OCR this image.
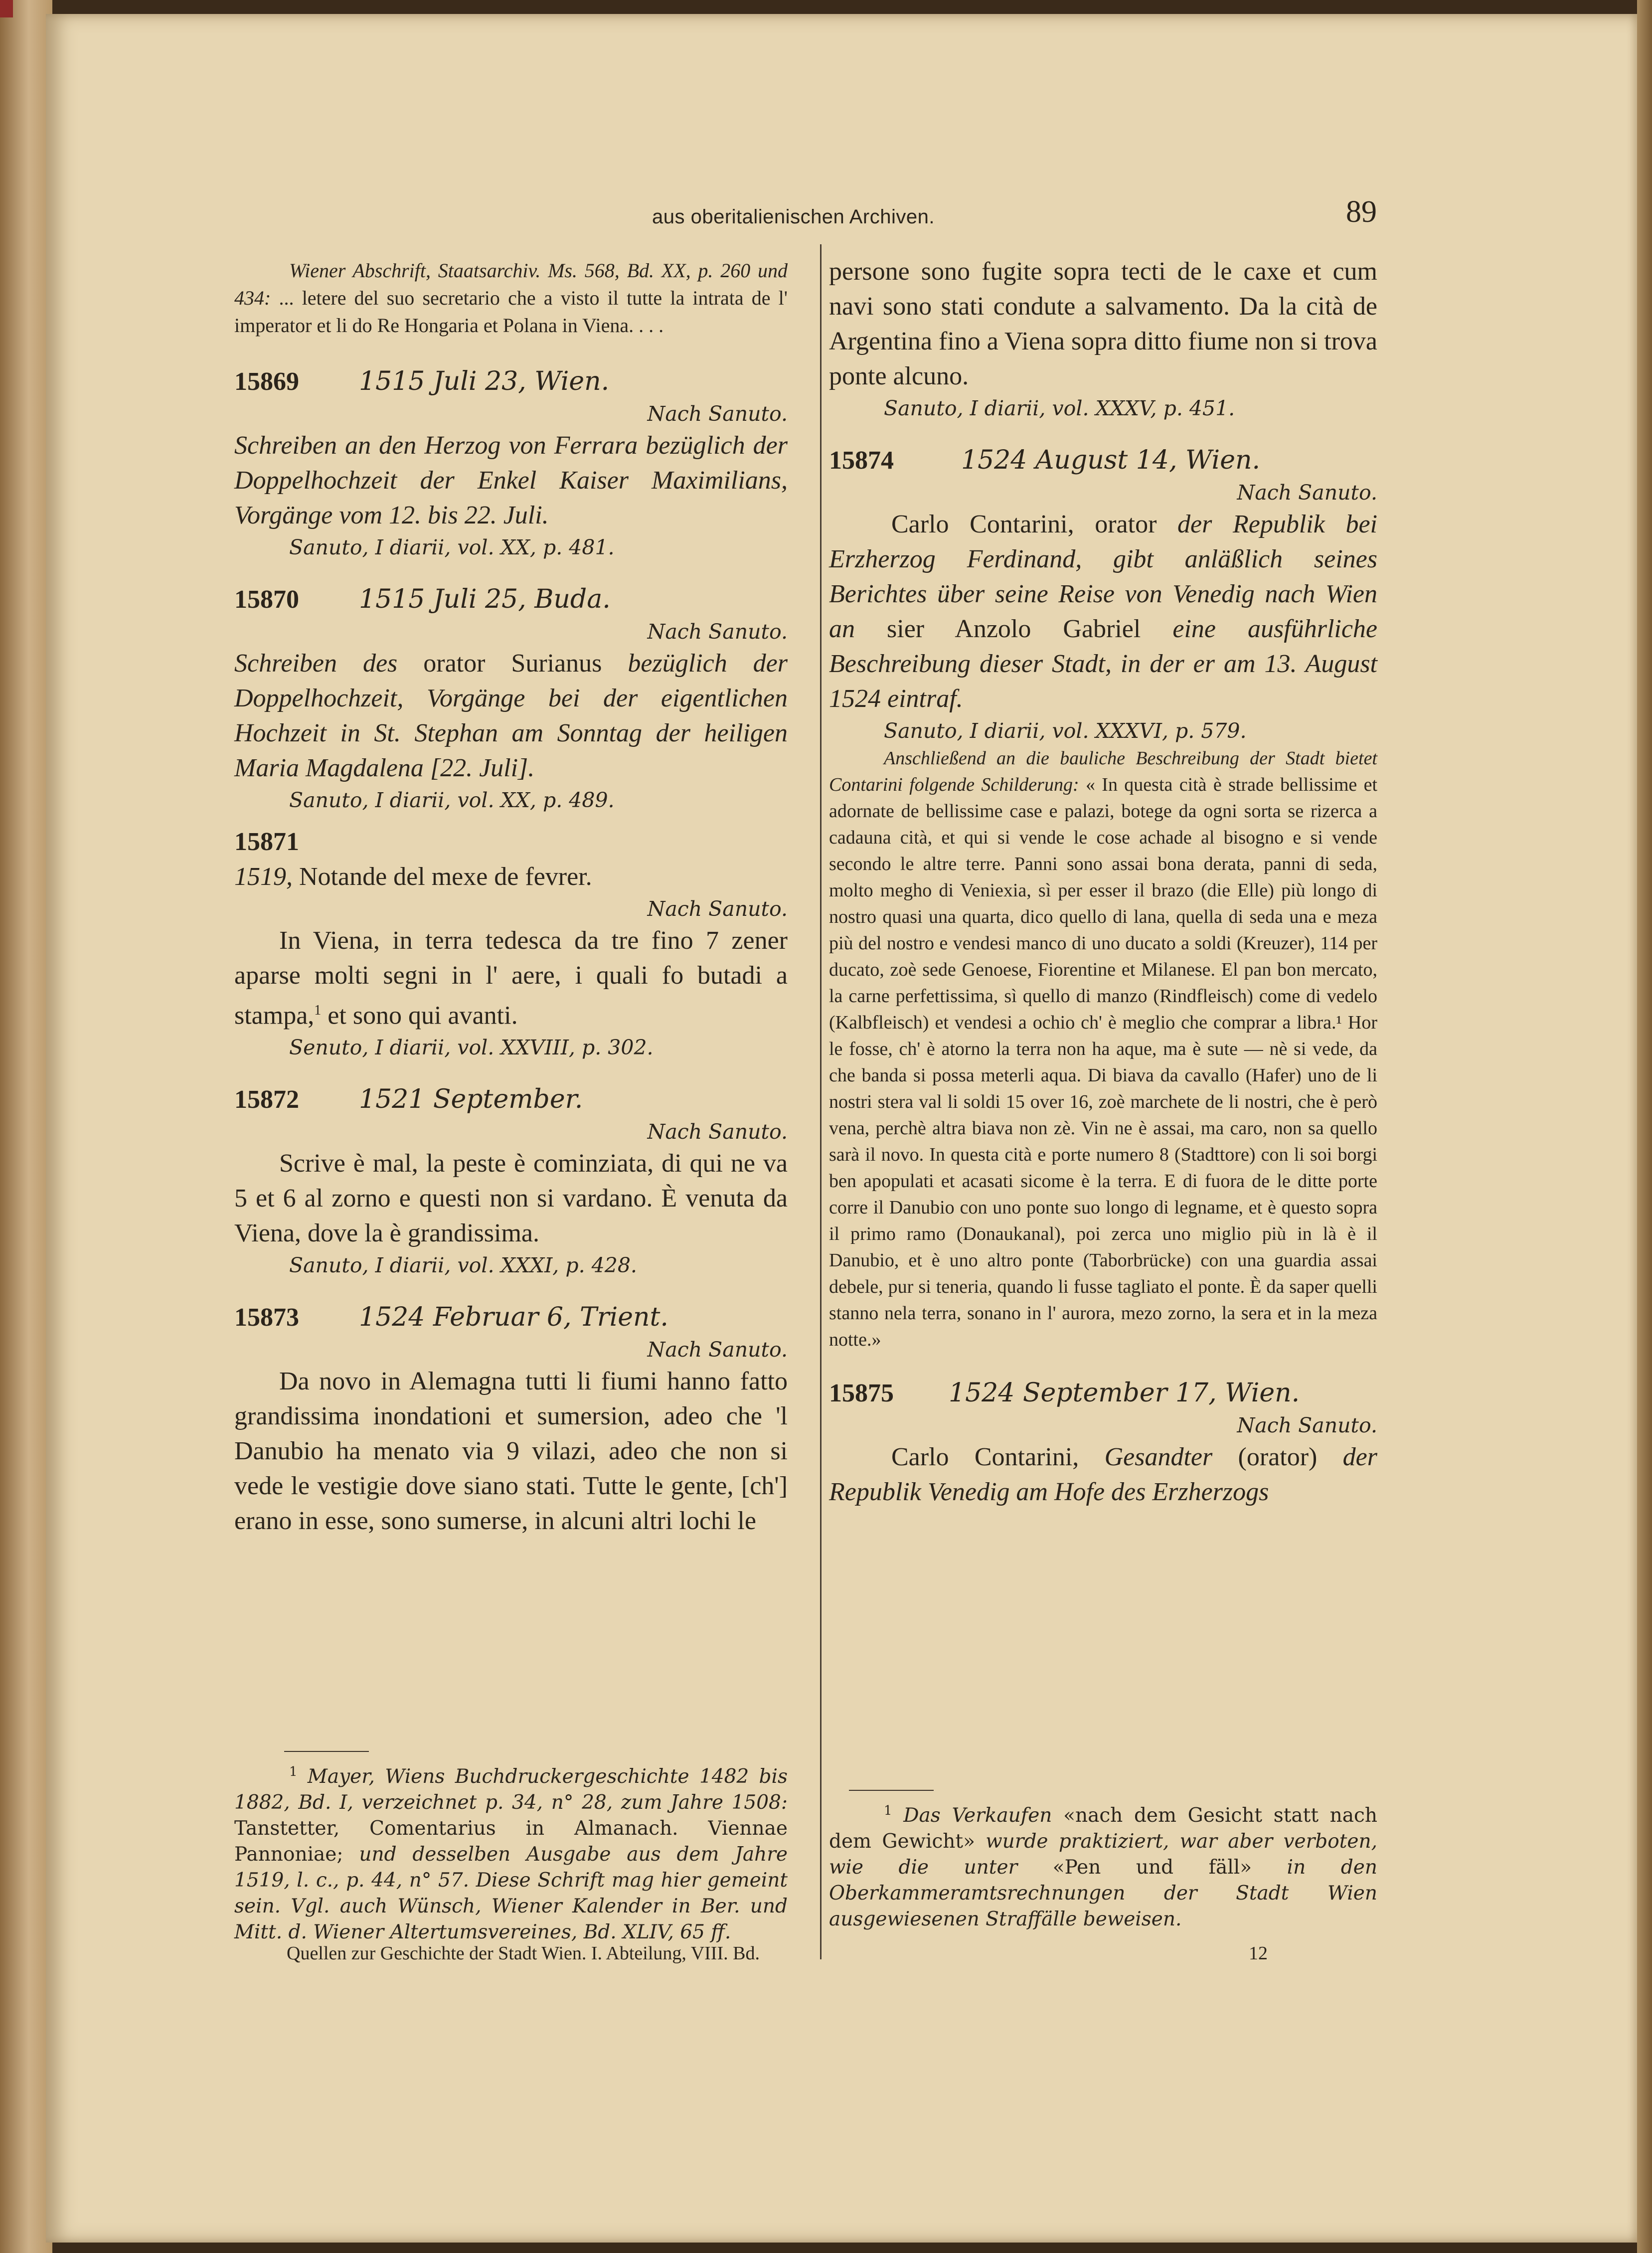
aus oberitalienischen Archiven.	89
Wiener Abschrift, Staatsarchiv. Ms. 568, Bd. XX, p. 260 und 434: ... letere del suo secretario che a visto il tutte la intrata de l' imperator et li do Re Hongaria et Polana in Viena. . . .
15869	1515 Juli 23, Wien.
Nach Sanuto.
Schreiben an den Herzog von Ferrara bezüglich der Doppelhochzeit der Enkel Kaiser Maximilians, Vorgänge vom 12. bis 22. Juli.
Sanuto, I diarii, vol. XX, p. 481.
15870	1515 Juli 25, Buda.
Nach Sanuto.
Schreiben des orator Surianus bezüglich der Doppelhochzeit, Vorgänge bei der eigentlichen Hochzeit in St. Stephan am Sonntag der heiligen Maria Magdalena [22. Juli].
Sanuto, I diarii, vol. XX, p. 489.
15871
1519, Notande del mexe de fevrer.
Nach Sanuto.
In Viena, in terra tedesca da tre fino 7 zener aparse molti segni in l' aere, i quali fo butadi a stampa,$^1$ et sono qui avanti.
Senuto, I diarii, vol. XXVIII, p. 302.
15872	1521 September.
Nach Sanuto.
Scrive è mal, la peste è cominziata, di qui ne va 5 et 6 al zorno e questi non si vardano. È venuta da Viena, dove la è grandissima.
Sanuto, I diarii, vol. XXXI, p. 428.
15873	1524 Februar 6, Trient.
Nach Sanuto.
Da novo in Alemagna tutti li fiumi hanno fatto grandissima inondationi et sumersion, adeo che 'l Danubio ha menato via 9 vilazi, adeo che non si vede le vestigie dove siano stati. Tutte le gente, [ch'] erano in esse, sono sumerse, in alcuni altri lochi le
$^1$ Mayer, Wiens Buchdruckergeschichte 1482 bis 1882, Bd. I, verzeichnet p. 34, n° 28, zum Jahre 1508: Tanstetter, Comentarius in Almanach. Viennae Pannoniae; und desselben Ausgabe aus dem Jahre 1519, l. c., p. 44, n° 57. Diese Schrift mag hier gemeint sein. Vgl. auch Wünsch, Wiener Kalender in Ber. und Mitt. d. Wiener Altertumsvereines, Bd. XLIV, 65 ff.
Quellen zur Geschichte der Stadt Wien. I. Abteilung, VIII. Bd.
persone sono fugite sopra tecti de le caxe et cum navi sono stati condute a salvamento. Da la cità de Argentina fino a Viena sopra ditto fiume non si trova ponte alcuno.
Sanuto, I diarii, vol. XXXV, p. 451.
15874	1524 August 14, Wien.
Nach Sanuto.
Carlo Contarini, orator der Republik bei Erzherzog Ferdinand, gibt anläßlich seines Berichtes über seine Reise von Venedig nach Wien an sier Anzolo Gabriel eine ausführliche Beschreibung dieser Stadt, in der er am 13. August 1524 eintraf.
Sanuto, I diarii, vol. XXXVI, p. 579.
Anschließend an die bauliche Beschreibung der Stadt bietet Contarini folgende Schilderung: « In questa cità è strade bellissime et adornate de bellissime case e palazi, botege da ogni sorta se rizerca a cadauna cità, et qui si vende le cose achade al bisogno e si vende secondo le altre terre. Panni sono assai bona derata, panni di seda, molto megho di Veniexia, sì per esser il brazo (die Elle) più longo di nostro quasi una quarta, dico quello di lana, quella di seda una e meza più del nostro e vendesi manco di uno ducato a soldi (Kreuzer), 114 per ducato, zoè sede Genoese, Fiorentine et Milanese. El pan bon mercato, la carne perfettissima, sì quello di manzo (Rindfleisch) come di vedelo (Kalbfleisch) et vendesi a ochio ch' è meglio che comprar a libra.¹ Hor le fosse, ch' è atorno la terra non ha aque, ma è sute — nè si vede, da che banda si possa meterli aqua. Di biava da cavallo (Hafer) uno de li nostri stera val li soldi 15 over 16, zoè marchete de li nostri, che è però vena, perchè altra biava non zè. Vin ne è assai, ma caro, non sa quello sarà il novo. In questa cità e porte numero 8 (Stadttore) con li soi borgi ben apopulati et acasati sicome è la terra. E di fuora de le ditte porte corre il Danubio con uno ponte suo longo di legname, et è questo sopra il primo ramo (Donaukanal), poi zerca uno miglio più in là è il Danubio, et è uno altro ponte (Taborbrücke) con una guardia assai debele, pur si teneria, quando li fusse tagliato el ponte. È da saper quelli stanno nela terra, sonano in l' aurora, mezo zorno, la sera et in la meza notte.»
15875	1524 September 17, Wien.
Nach Sanuto.
Carlo Contarini, Gesandter (orator) der Republik Venedig am Hofe des Erzherzogs
$^1$ Das Verkaufen «nach dem Gesicht statt nach dem Gewicht» wurde praktiziert, war aber verboten, wie die unter «Pen und fäll» in den Oberkammeramtsrechnungen der Stadt Wien ausgewiesenen Straffälle beweisen.
12
